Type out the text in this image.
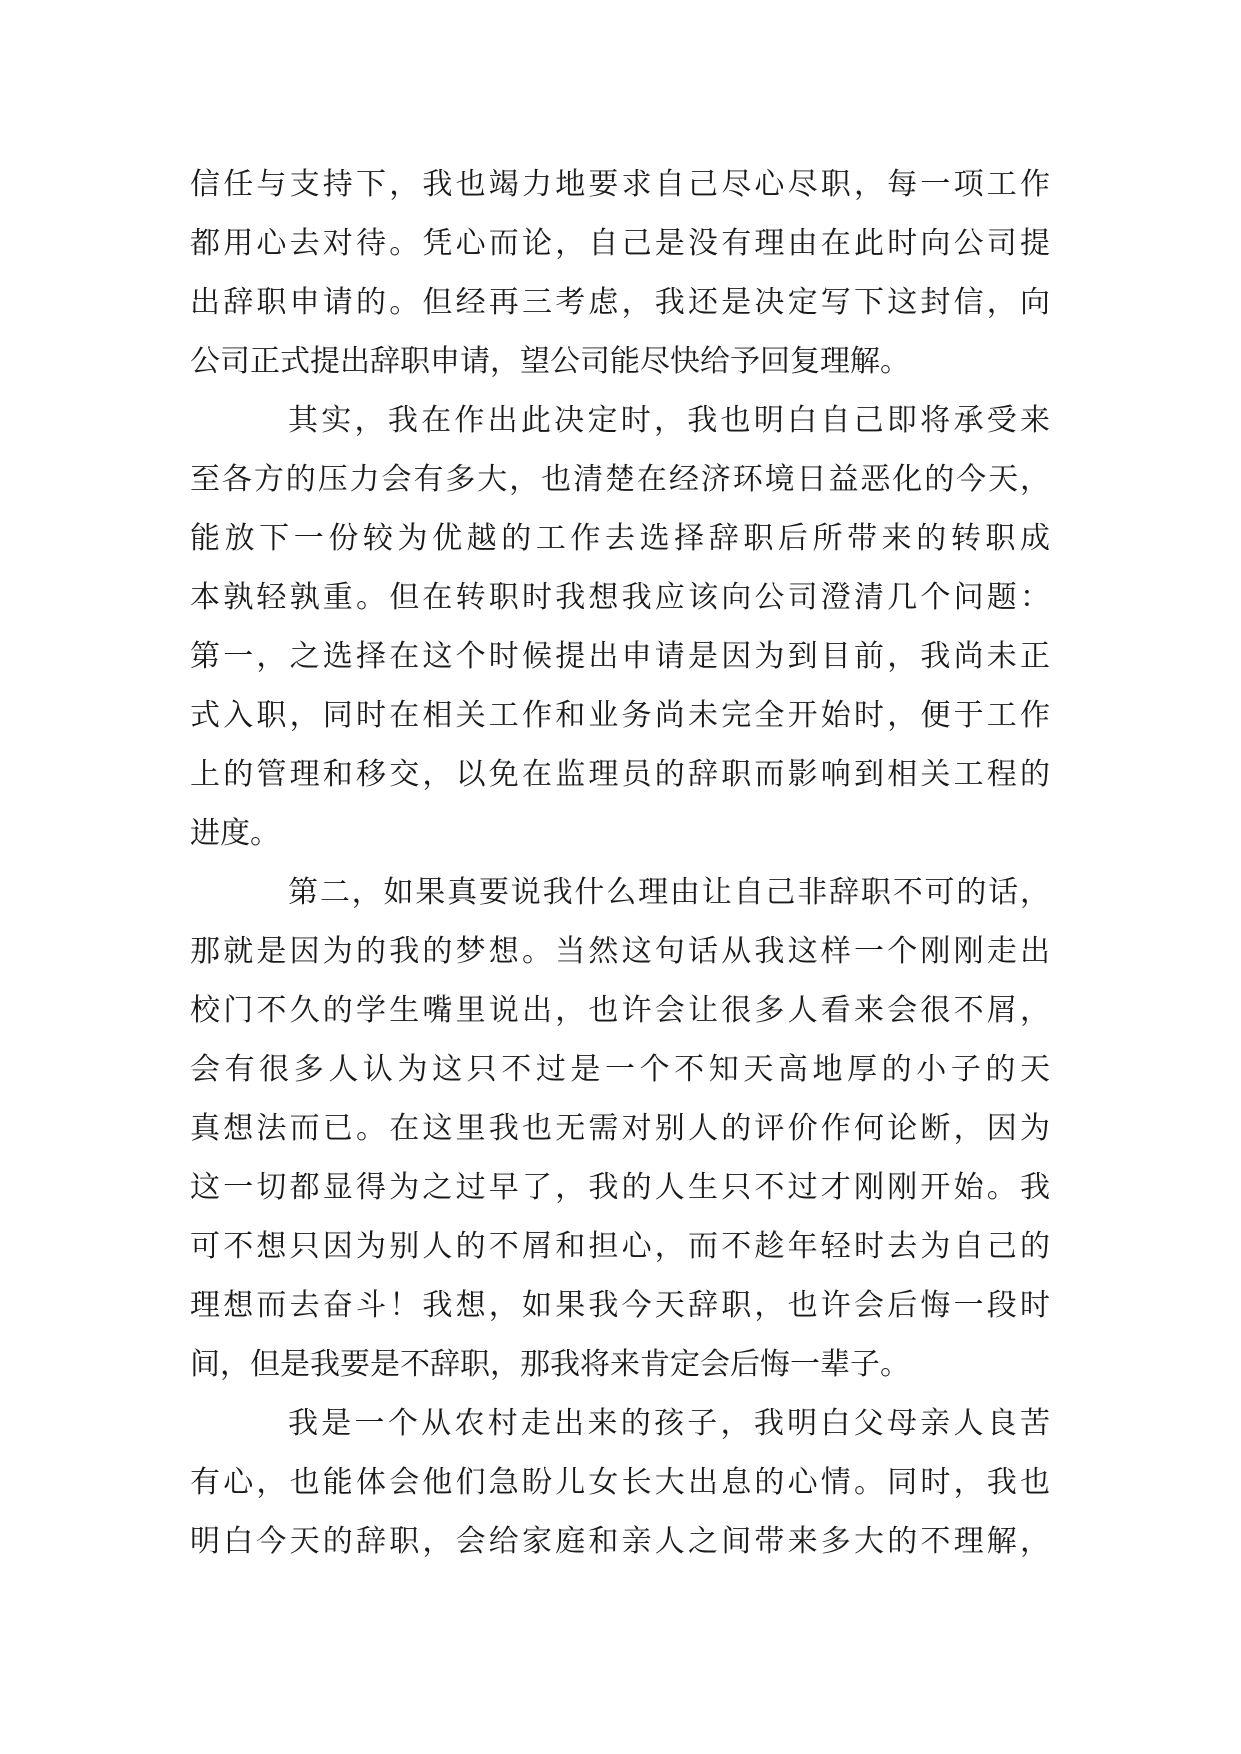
信任与支持下，我也竭力地要求自己尽心尽职，每一项工作
都用心去对待。凭心而论，自己是没有理由在此时向公司提
出辞职申请的。但经再三考虑，我还是决定写下这封信，向
公司正式提出辞职申请，望公司能尽快给予回复理解。
其实，我在作出此决定时，我也明白自己即将承受来
至各方的压力会有多大，也清楚在经济环境日益恶化的今天，
能放下一份较为优越的工作去选择辞职后所带来的转职成
本孰轻孰重。但在转职时我想我应该向公司澄清几个问题：
第一，之选择在这个时候提出申请是因为到目前，我尚未正
式入职，同时在相关工作和业务尚未完全开始时，便于工作
上的管理和移交，以免在监理员的辞职而影响到相关工程的
进度。
第二，如果真要说我什么理由让自己非辞职不可的话，
那就是因为的我的梦想。当然这句话从我这样一个刚刚走出
校门不久的学生嘴里说出，也许会让很多人看来会很不屑，
会有很多人认为这只不过是一个不知天高地厚的小子的天
真想法而已。在这里我也无需对别人的评价作何论断，因为
这一切都显得为之过早了，我的人生只不过才刚刚开始。我
可不想只因为别人的不屑和担心，而不趁年轻时去为自己的
理想而去奋斗！我想，如果我今天辞职，也许会后悔一段时
间，但是我要是不辞职，那我将来肯定会后悔一辈子。
我是一个从农村走出来的孩子，我明白父母亲人良苦
有心，也能体会他们急盼儿女长大出息的心情。同时，我也
明白今天的辞职，会给家庭和亲人之间带来多大的不理解，
